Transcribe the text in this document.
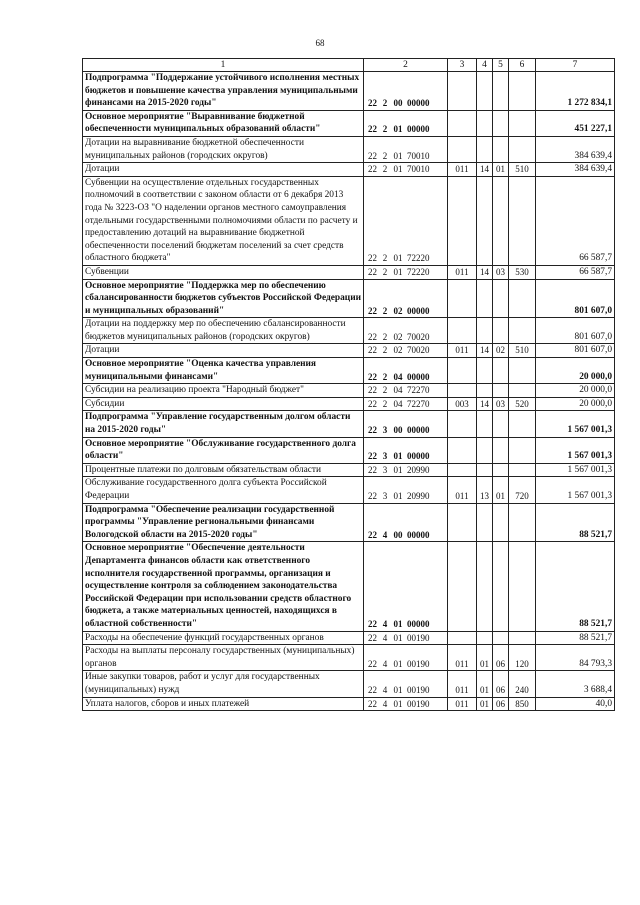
68
1	2	3	4	5	6	7
Подпрограмма "Поддержание устойчивого исполнения местных бюджетов и повышение качества управления муниципальными финансами на 2015-2020 годы"	22 2 00 00000					1 272 834,1
Основное мероприятие "Выравнивание бюджетной обеспеченности муниципальных образований области"	22 2 01 00000					451 227,1
Дотации на выравнивание бюджетной обеспеченности муниципальных районов (городских округов)	22 2 01 70010					384 639,4
Дотации	22 2 01 70010	011	14	01	510	384 639,4
Субвенции на осуществление отдельных государственных полномочий в соответствии с законом области от 6 декабря 2013 года № 3223-ОЗ "О наделении органов местного самоуправления отдельными государственными полномочиями области по расчету и предоставлению дотаций на выравнивание бюджетной обеспеченности поселений бюджетам поселений за счет средств областного бюджета"	22 2 01 72220					66 587,7
Субвенции	22 2 01 72220	011	14	03	530	66 587,7
Основное мероприятие "Поддержка мер по обеспечению сбалансированности бюджетов субъектов Российской Федерации и муниципальных образований"	22 2 02 00000					801 607,0
Дотации на поддержку мер по обеспечению сбалансированности бюджетов муниципальных районов (городских округов)	22 2 02 70020					801 607,0
Дотации	22 2 02 70020	011	14	02	510	801 607,0
Основное мероприятие "Оценка качества управления муниципальными финансами"	22 2 04 00000					20 000,0
Субсидии на реализацию проекта "Народный бюджет"	22 2 04 72270					20 000,0
Субсидии	22 2 04 72270	003	14	03	520	20 000,0
Подпрограмма "Управление государственным долгом области на 2015-2020 годы"	22 3 00 00000					1 567 001,3
Основное мероприятие "Обслуживание государственного долга области"	22 3 01 00000					1 567 001,3
Процентные платежи по долговым обязательствам области	22 3 01 20990					1 567 001,3
Обслуживание государственного долга субъекта Российской Федерации	22 3 01 20990	011	13	01	720	1 567 001,3
Подпрограмма "Обеспечение реализации государственной программы "Управление региональными финансами Вологодской области на 2015-2020 годы"	22 4 00 00000					88 521,7
Основное мероприятие "Обеспечение деятельности Департамента финансов области как ответственного исполнителя государственной программы, организация и осуществление контроля за соблюдением законодательства Российской Федерации при использовании средств областного бюджета, а также материальных ценностей, находящихся в областной собственности"	22 4 01 00000					88 521,7
Расходы на обеспечение функций государственных органов	22 4 01 00190					88 521,7
Расходы на выплаты персоналу государственных (муниципальных) органов	22 4 01 00190	011	01	06	120	84 793,3
Иные закупки товаров, работ и услуг для государственных (муниципальных) нужд	22 4 01 00190	011	01	06	240	3 688,4
Уплата налогов, сборов и иных платежей	22 4 01 00190	011	01	06	850	40,0
